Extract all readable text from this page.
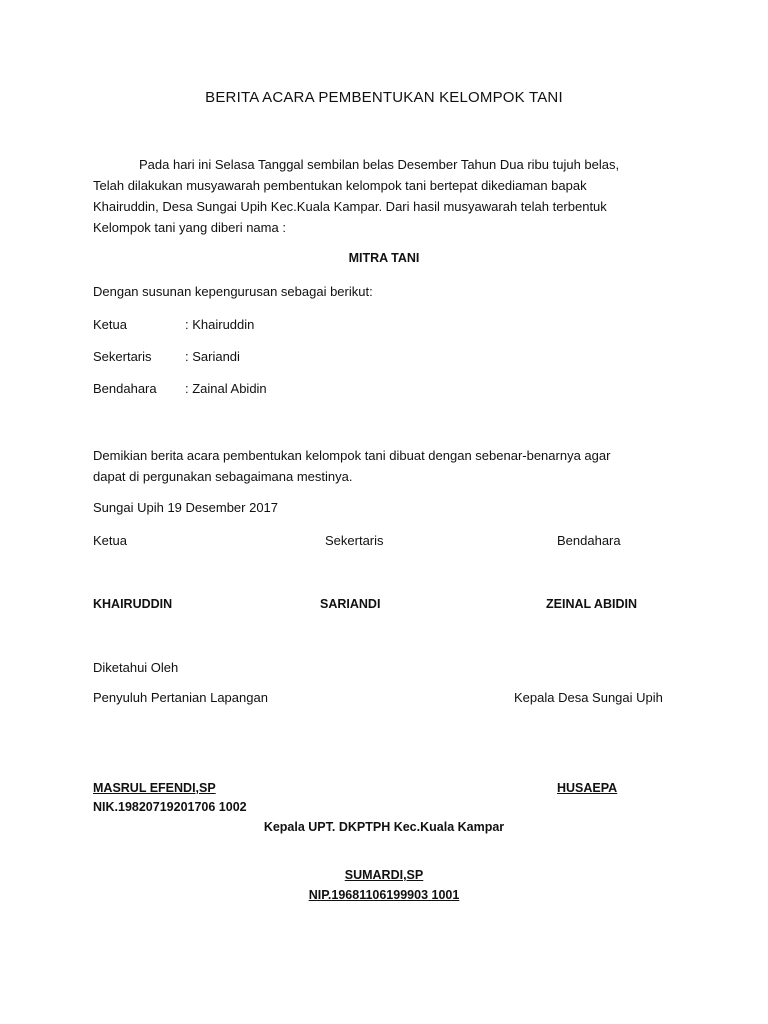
BERITA ACARA PEMBENTUKAN KELOMPOK TANI
Pada hari ini Selasa Tanggal sembilan belas Desember Tahun Dua ribu tujuh belas,
Telah dilakukan musyawarah pembentukan kelompok tani bertepat dikediaman bapak
Khairuddin, Desa Sungai Upih Kec.Kuala Kampar. Dari hasil musyawarah telah terbentuk
Kelompok tani yang diberi nama :
MITRA TANI
Dengan susunan kepengurusan sebagai berikut:
Ketua	: Khairuddin
Sekertaris	: Sariandi
Bendahara : Zainal Abidin
Demikian berita acara pembentukan kelompok tani dibuat dengan sebenar-benarnya agar
dapat di pergunakan sebagaimana mestinya.
Sungai Upih 19 Desember 2017
Ketua	Sekertaris	Bendahara
KHAIRUDDIN	SARIANDI	ZEINAL ABIDIN
Diketahui Oleh
Penyuluh Pertanian Lapangan	Kepala Desa Sungai Upih
MASRUL EFENDI,SP	HUSAEPA
NIK.19820719201706 1002
Kepala UPT. DKPTPH Kec.Kuala Kampar
SUMARDI,SP
NIP.19681106199903 1001
